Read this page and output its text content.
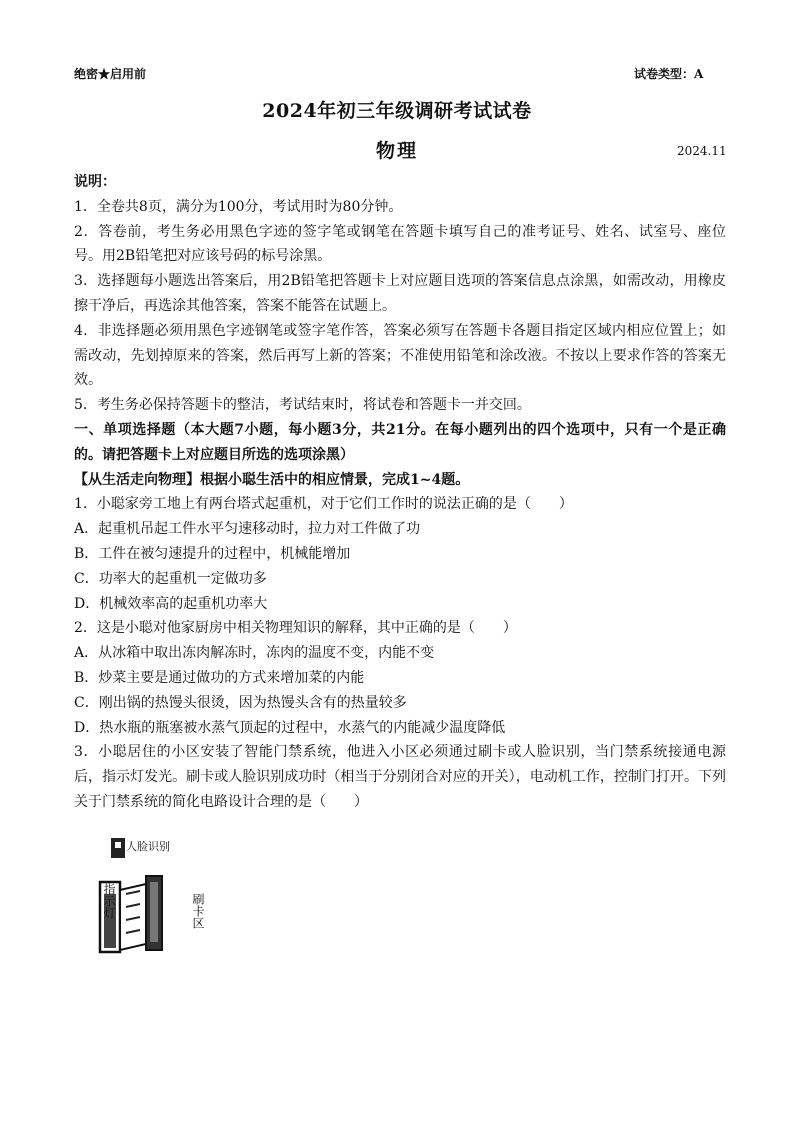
绝密★启用前	试卷类型：A
2024年初三年级调研考试试卷
物理	2024.11

说明：

1．全卷共8页，满分为100分，考试用时为80分钟。

2．答卷前，考生务必用黑色字迹的签字笔或钢笔在答题卡填写自己的准考证号、姓名、试室号、座位号。用2B铅笔把对应该号码的标号涂黑。

3．选择题每小题选出答案后，用2B铅笔把答题卡上对应题目选项的答案信息点涂黑，如需改动，用橡皮擦干净后，再选涂其他答案，答案不能答在试题上。

4．非选择题必须用黑色字迹钢笔或签字笔作答，答案必须写在答题卡各题目指定区域内相应位置上；如需改动，先划掉原来的答案，然后再写上新的答案；不准使用铅笔和涂改液。不按以上要求作答的答案无效。

5．考生务必保持答题卡的整洁，考试结束时，将试卷和答题卡一并交回。

一、单项选择题（本大题7小题，每小题3分，共21分。在每小题列出的四个选项中，只有一个是正确的。请把答题卡上对应题目所选的选项涂黑）

【从生活走向物理】根据小聪生活中的相应情景，完成1~4题。

1．小聪家旁工地上有两台塔式起重机，对于它们工作时的说法正确的是（　　）

A．起重机吊起工件水平匀速移动时，拉力对工件做了功

B．工件在被匀速提升的过程中，机械能增加

C．功率大的起重机一定做功多

D．机械效率高的起重机功率大

2．这是小聪对他家厨房中相关物理知识的解释，其中正确的是（　　）

A．从冰箱中取出冻肉解冻时，冻肉的温度不变，内能不变

B．炒菜主要是通过做功的方式来增加菜的内能

C．刚出锅的热馒头很烫，因为热馒头含有的热量较多

D．热水瓶的瓶塞被水蒸气顶起的过程中，水蒸气的内能减少温度降低

3．小聪居住的小区安装了智能门禁系统，他进入小区必须通过刷卡或人脸识别，当门禁系统接通电源后，指示灯发光。刷卡或人脸识别成功时（相当于分别闭合对应的开关），电动机工作，控制门打开。下列关于门禁系统的简化电路设计合理的是（　　）

人脸识别
指示灯
刷卡区
